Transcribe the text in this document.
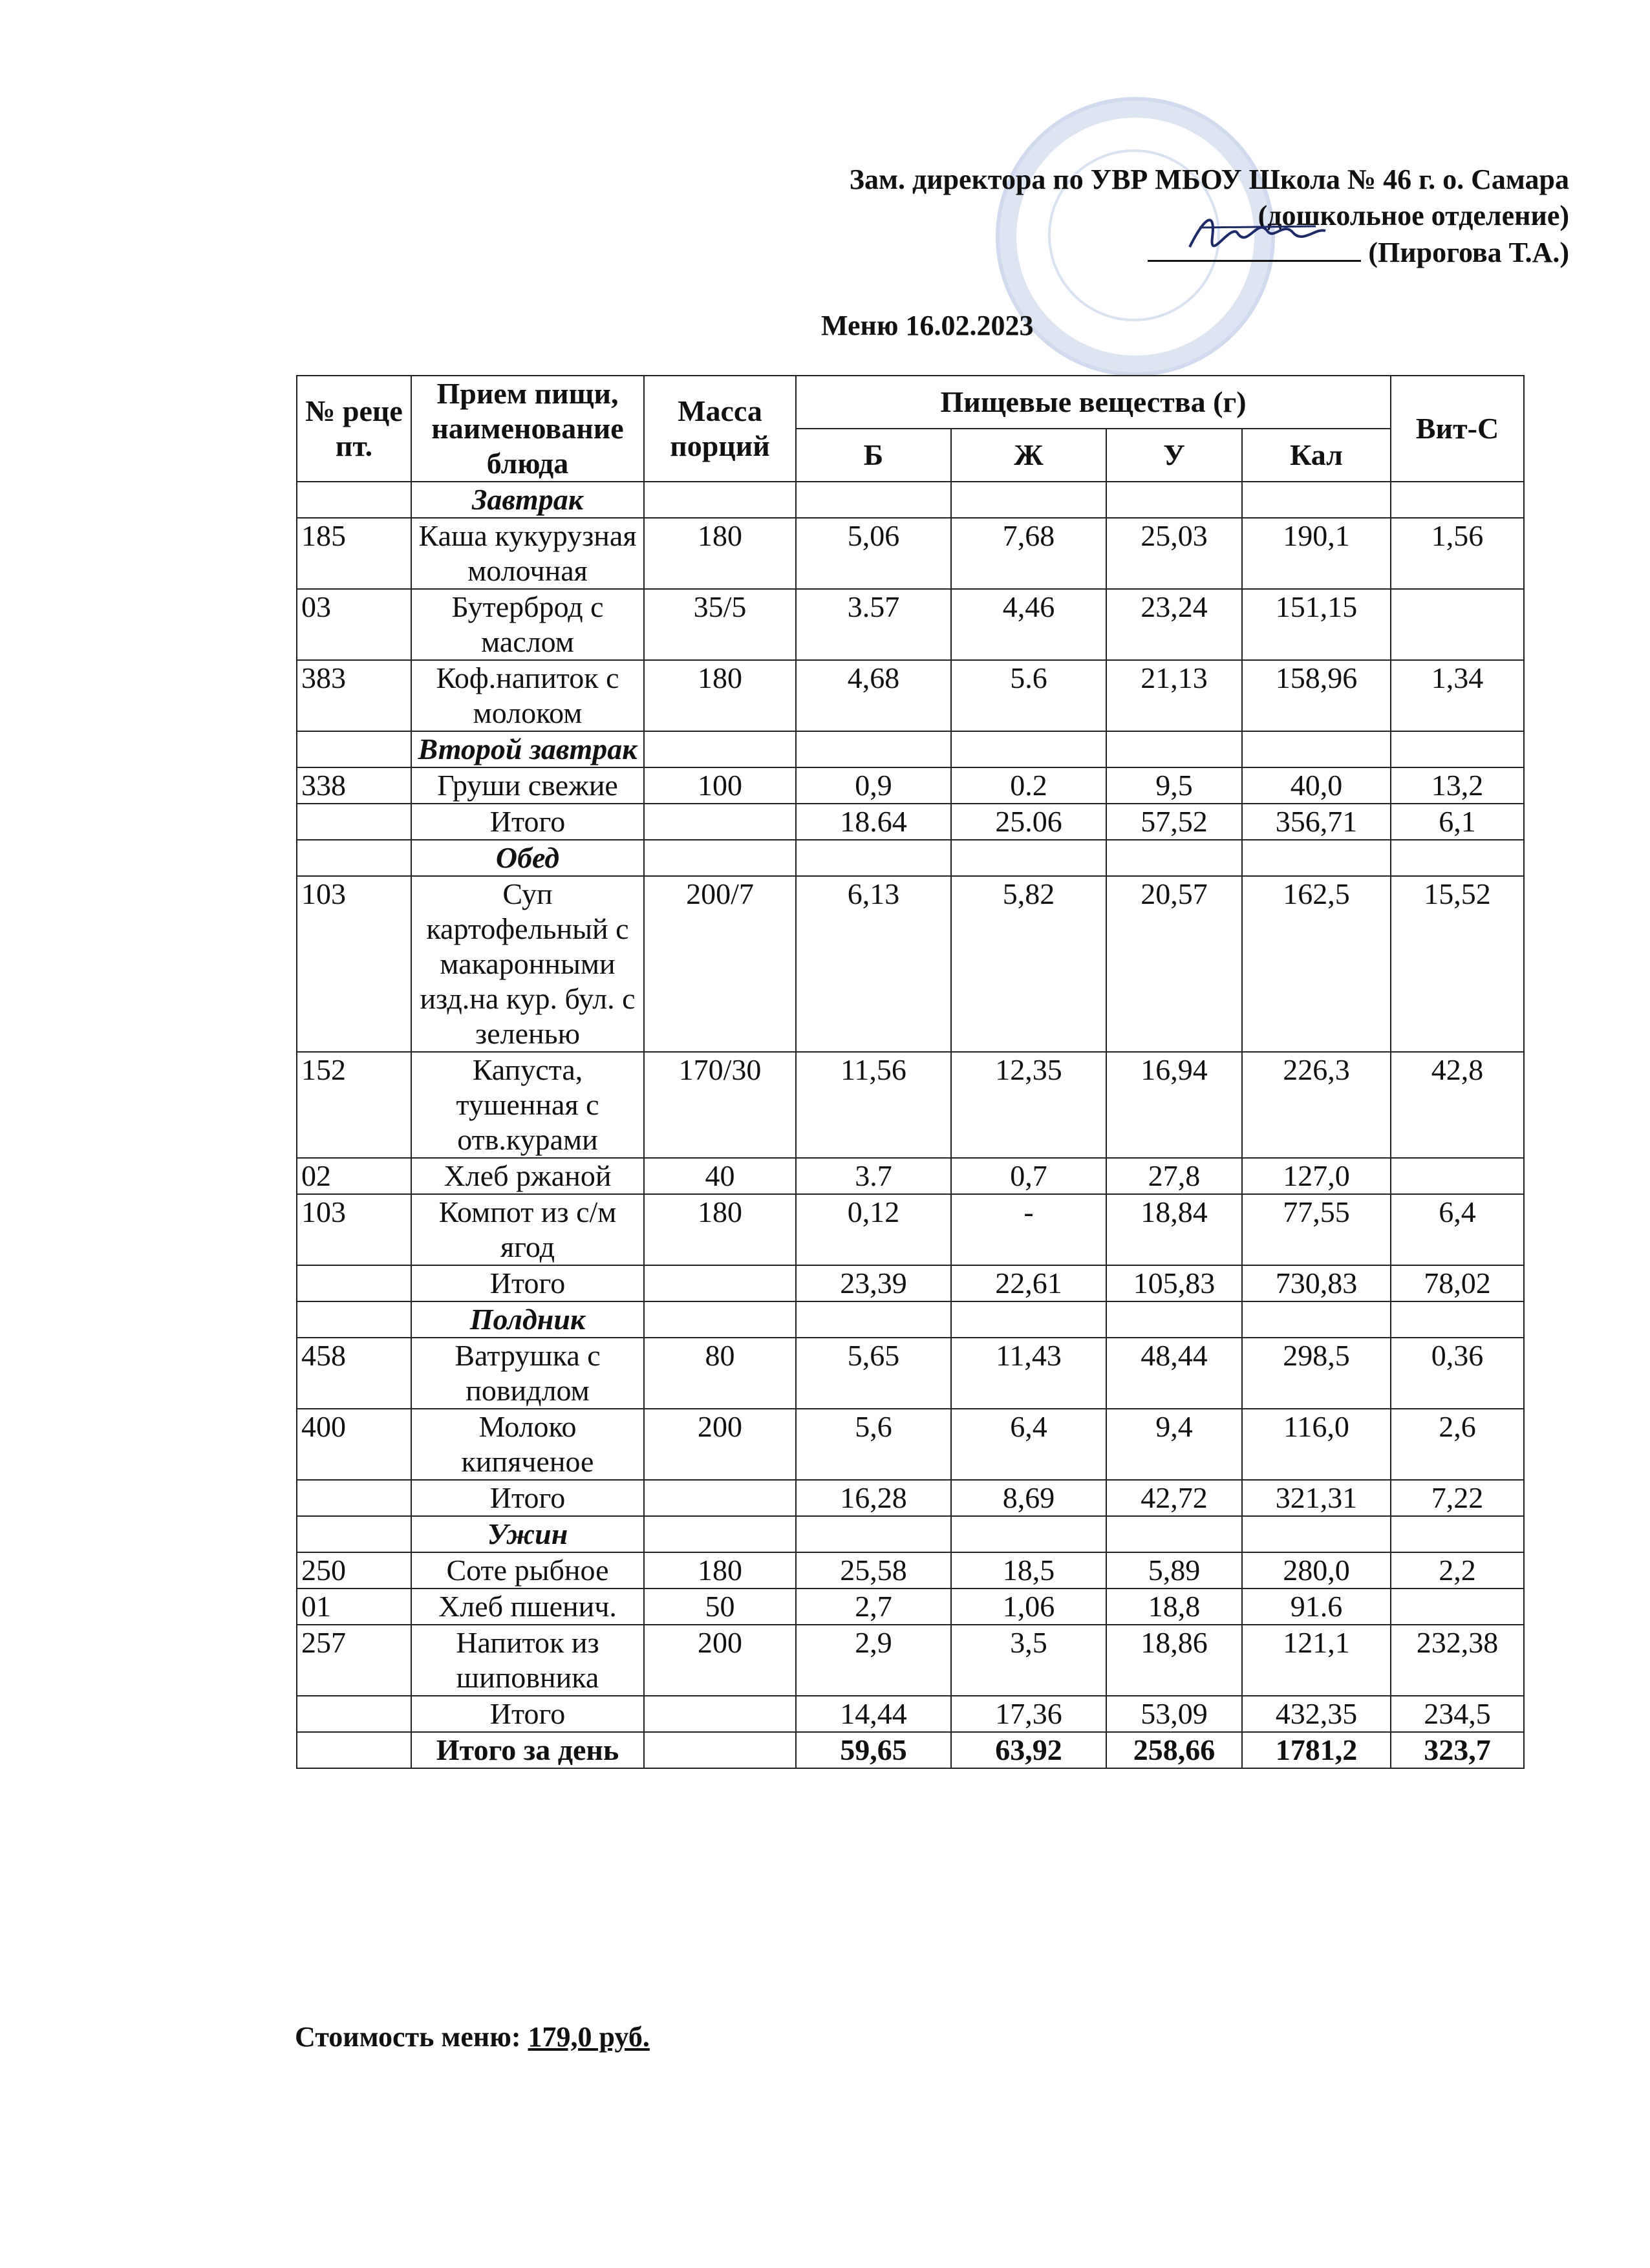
Зам. директора по УВР МБОУ Школа № 46 г. о. Самара
(дошкольное отделение)
(Пирогова Т.А.)
Меню 16.02.2023
№ реце пт.	Прием пищи, наименование блюда	Масса порций	Пищевые вещества (г)				Вит-С
			Б	Ж	У	Кал	
	Завтрак						
185	Каша кукурузная молочная	180	5,06	7,68	25,03	190,1	1,56
03	Бутерброд с маслом	35/5	3.57	4,46	23,24	151,15	
383	Коф.напиток с молоком	180	4,68	5.6	21,13	158,96	1,34
	Второй завтрак						
338	Груши свежие	100	0,9	0.2	9,5	40,0	13,2
	Итого		18.64	25.06	57,52	356,71	6,1
	Обед						
103	Суп картофельный с макаронными изд.на кур. бул. с зеленью	200/7	6,13	5,82	20,57	162,5	15,52
152	Капуста, тушенная с отв.курами	170/30	11,56	12,35	16,94	226,3	42,8
02	Хлеб ржаной	40	3.7	0,7	27,8	127,0	
103	Компот из с/м ягод	180	0,12	-	18,84	77,55	6,4
	Итого		23,39	22,61	105,83	730,83	78,02
	Полдник						
458	Ватрушка с повидлом	80	5,65	11,43	48,44	298,5	0,36
400	Молоко кипяченое	200	5,6	6,4	9,4	116,0	2,6
	Итого		16,28	8,69	42,72	321,31	7,22
	Ужин						
250	Соте рыбное	180	25,58	18,5	5,89	280,0	2,2
01	Хлеб пшенич.	50	2,7	1,06	18,8	91.6	
257	Напиток из шиповника	200	2,9	3,5	18,86	121,1	232,38
	Итого		14,44	17,36	53,09	432,35	234,5
	Итого за день		59,65	63,92	258,66	1781,2	323,7
Стоимость меню: 179,0 руб.
